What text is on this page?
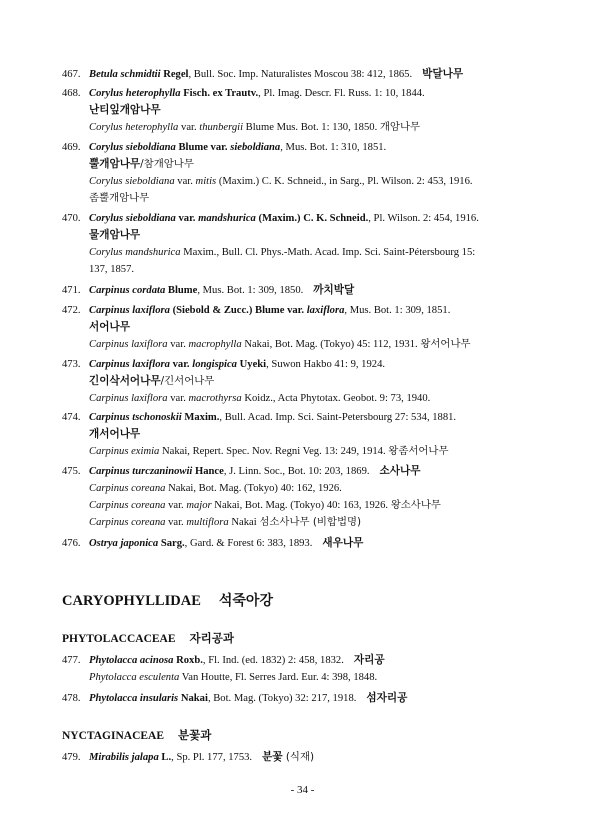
467. Betula schmidtii Regel, Bull. Soc. Imp. Naturalistes Moscou 38: 412, 1865. 박달나무
468. Corylus heterophylla Fisch. ex Trautv., Pl. Imag. Descr. Fl. Russ. 1: 10, 1844.
난티잎개암나무
Corylus heterophylla var. thunbergii Blume Mus. Bot. 1: 130, 1850. 개암나무
469. Corylus sieboldiana Blume var. sieboldiana, Mus. Bot. 1: 310, 1851.
뿔개암나무/참개암나무
Corylus sieboldiana var. mitis (Maxim.) C. K. Schneid., in Sarg., Pl. Wilson. 2: 453, 1916.
좀뿔개암나무
470. Corylus sieboldiana var. mandshurica (Maxim.) C. K. Schneid., Pl. Wilson. 2: 454, 1916.
물개암나무
Corylus mandshurica Maxim., Bull. Cl. Phys.-Math. Acad. Imp. Sci. Saint-Pétersbourg 15:
137, 1857.
471. Carpinus cordata Blume, Mus. Bot. 1: 309, 1850. 까치박달
472. Carpinus laxiflora (Siebold & Zucc.) Blume var. laxiflora, Mus. Bot. 1: 309, 1851.
서어나무
Carpinus laxiflora var. macrophylla Nakai, Bot. Mag. (Tokyo) 45: 112, 1931. 왕서어나무
473. Carpinus laxiflora var. longispica Uyeki, Suwon Hakbo 41: 9, 1924.
긴이삭서어나무/긴서어나무
Carpinus laxiflora var. macrothyrsa Koidz., Acta Phytotax. Geobot. 9: 73, 1940.
474. Carpinus tschonoskii Maxim., Bull. Acad. Imp. Sci. Saint-Petersbourg 27: 534, 1881.
개서어나무
Carpinus eximia Nakai, Repert. Spec. Nov. Regni Veg. 13: 249, 1914. 왕좀서어나무
475. Carpinus turczaninowii Hance, J. Linn. Soc., Bot. 10: 203, 1869. 소사나무
Carpinus coreana Nakai, Bot. Mag. (Tokyo) 40: 162, 1926.
Carpinus coreana var. major Nakai, Bot. Mag. (Tokyo) 40: 163, 1926. 왕소사나무
Carpinus coreana var. multiflora Nakai 섬소사나무 (비합법명)
476. Ostrya japonica Sarg., Gard. & Forest 6: 383, 1893. 새우나무
CARYOPHYLLIDAE 석죽아강
PHYTOLACCACEAE 자리공과
477. Phytolacca acinosa Roxb., Fl. Ind. (ed. 1832) 2: 458, 1832. 자리공
Phytolacca esculenta Van Houtte, Fl. Serres Jard. Eur. 4: 398, 1848.
478. Phytolacca insularis Nakai, Bot. Mag. (Tokyo) 32: 217, 1918. 섬자리공
NYCTAGINACEAE 분꽃과
479. Mirabilis jalapa L., Sp. Pl. 177, 1753. 분꽃 (식재)
- 34 -
